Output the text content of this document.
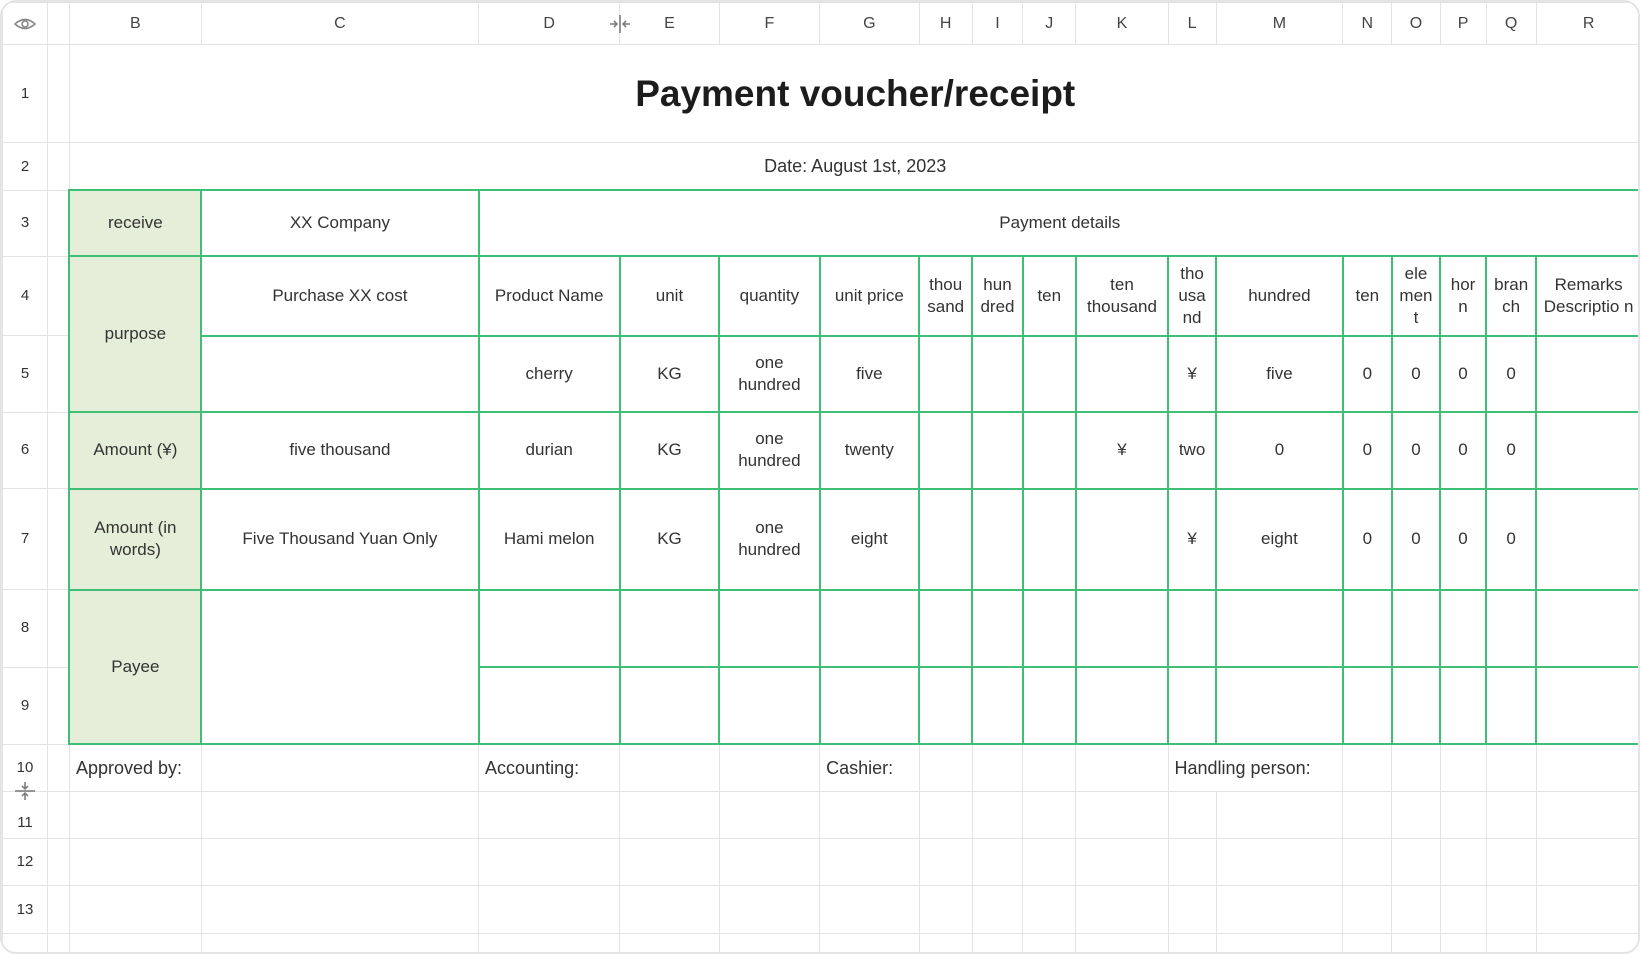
		B	C	D	E	F	G	H	I	J	K	L	M	N	O	P	Q	R
1		Payment voucher/receipt																
2		Date: August 1st, 2023																
3		receive	XX Company	Payment details														
4		purpose	Purchase XX cost	Product Name	unit	quantity	unit price	thou sand	hun dred	ten	ten thousand	tho usa nd	hundred	ten	ele men t	hor n	bran ch	Remarks Descriptio n
5				cherry	KG	one hundred	five					¥	five	0	0	0	0	
6		Amount (¥)	five thousand	durian	KG	one hundred	twenty				¥	two	0	0	0	0	0	
7		Amount (in words)	Five Thousand Yuan Only	Hami melon	KG	one hundred	eight					¥	eight	0	0	0	0	
8		Payee																
9																		
10		Approved by:		Accounting:			Cashier:					Handling person:						
11																		
12																		
13																		
